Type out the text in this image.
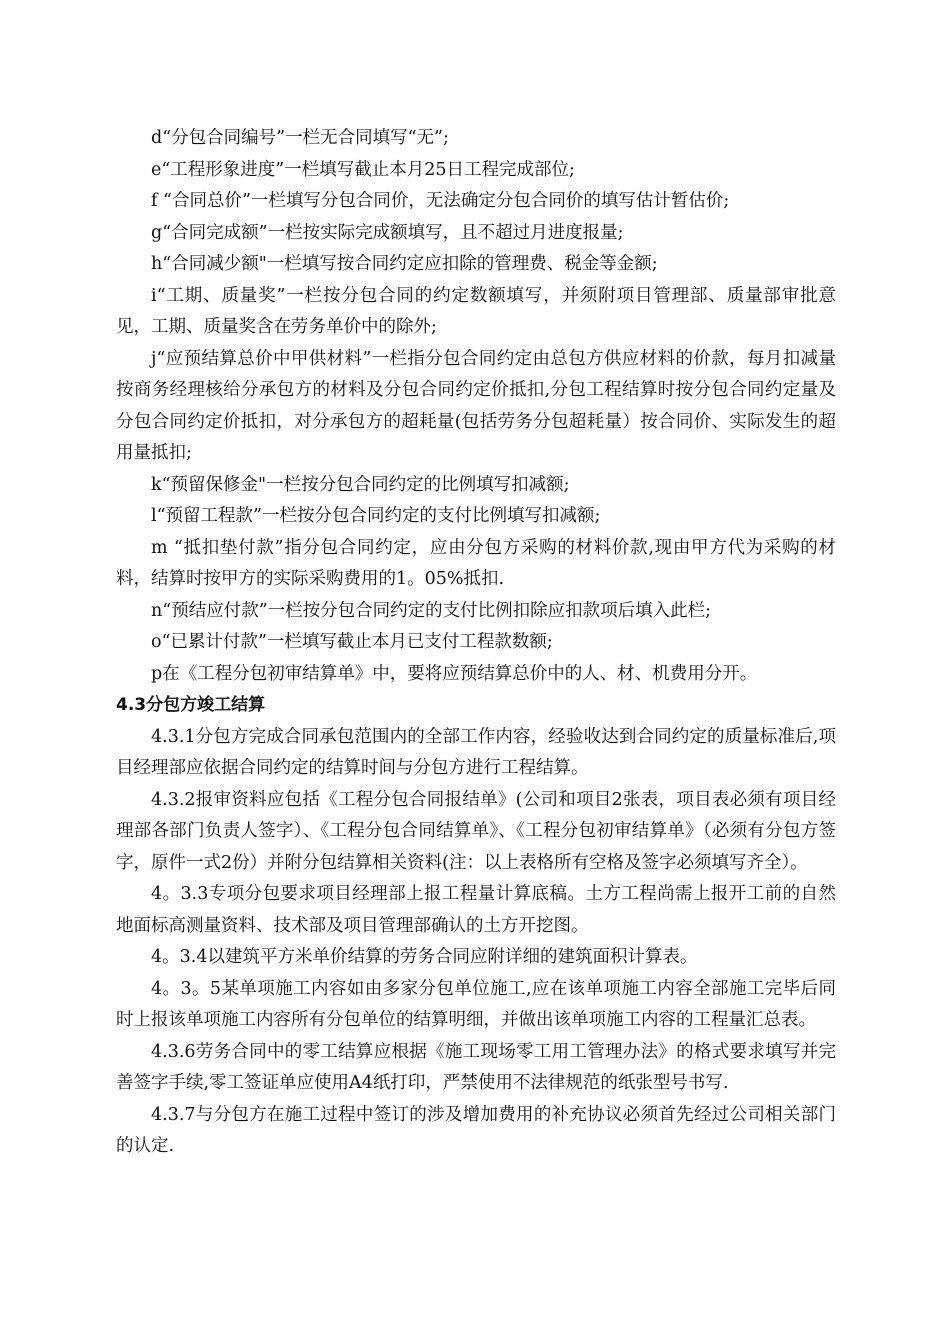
d“分包合同编号”一栏无合同填写“无”;

e“工程形象进度”一栏填写截止本月25日工程完成部位;

f “合同总价”一栏填写分包合同价，无法确定分包合同价的填写估计暂估价;

g“合同完成额”一栏按实际完成额填写，且不超过月进度报量;

h“合同减少额"一栏填写按合同约定应扣除的管理费、税金等金额;

i“工期、质量奖”一栏按分包合同的约定数额填写，并须附项目管理部、质量部审批意见，工期、质量奖含在劳务单价中的除外;

j“应预结算总价中甲供材料”一栏指分包合同约定由总包方供应材料的价款，每月扣减量按商务经理核给分承包方的材料及分包合同约定价抵扣,分包工程结算时按分包合同约定量及分包合同约定价抵扣，对分承包方的超耗量(包括劳务分包超耗量）按合同价、实际发生的超用量抵扣;

k“预留保修金"一栏按分包合同约定的比例填写扣减额;

l“预留工程款”一栏按分包合同约定的支付比例填写扣减额;

m “抵扣垫付款”指分包合同约定，应由分包方采购的材料价款,现由甲方代为采购的材料，结算时按甲方的实际采购费用的1。05%抵扣.

n“预结应付款”一栏按分包合同约定的支付比例扣除应扣款项后填入此栏;

o“已累计付款”一栏填写截止本月已支付工程款数额;

p在《工程分包初审结算单》中，要将应预结算总价中的人、材、机费用分开。

4.3分包方竣工结算

4.3.1分包方完成合同承包范围内的全部工作内容，经验收达到合同约定的质量标准后,项目经理部应依据合同约定的结算时间与分包方进行工程结算。

4.3.2报审资料应包括《工程分包合同报结单》(公司和项目2张表，项目表必须有项目经理部各部门负责人签字）、《工程分包合同结算单》、《工程分包初审结算单》（必须有分包方签字，原件一式2份）并附分包结算相关资料(注：以上表格所有空格及签字必须填写齐全）。

4。3.3专项分包要求项目经理部上报工程量计算底稿。土方工程尚需上报开工前的自然地面标高测量资料、技术部及项目管理部确认的土方开挖图。

4。3.4以建筑平方米单价结算的劳务合同应附详细的建筑面积计算表。

4。3。5某单项施工内容如由多家分包单位施工,应在该单项施工内容全部施工完毕后同时上报该单项施工内容所有分包单位的结算明细，并做出该单项施工内容的工程量汇总表。

4.3.6劳务合同中的零工结算应根据《施工现场零工用工管理办法》的格式要求填写并完善签字手续,零工签证单应使用A4纸打印，严禁使用不法律规范的纸张型号书写.

4.3.7与分包方在施工过程中签订的涉及增加费用的补充协议必须首先经过公司相关部门的认定.
